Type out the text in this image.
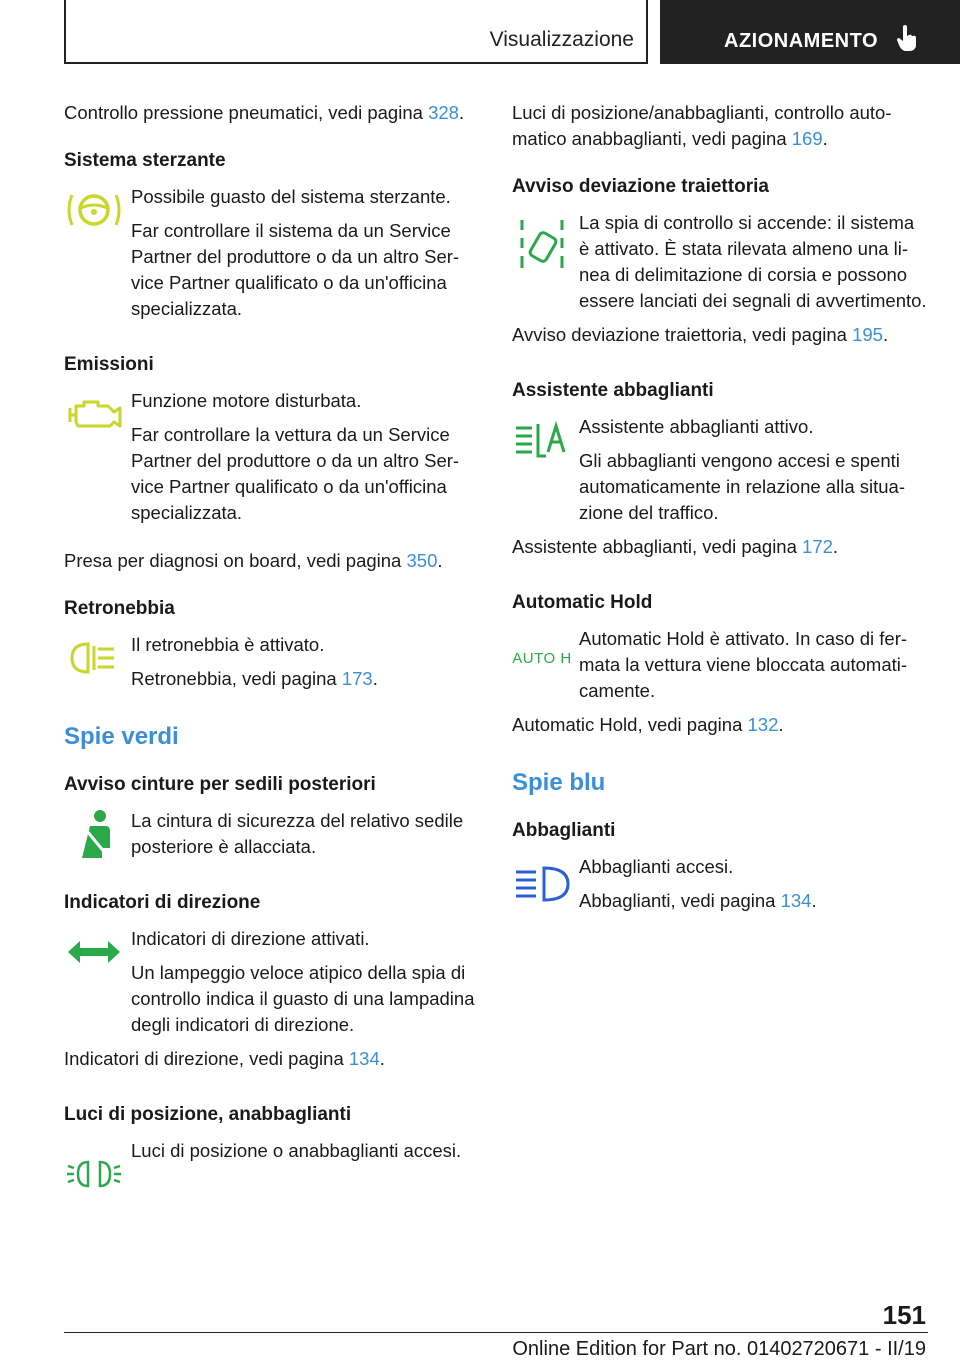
Visualizzazione	AZIONAMENTO

Controllo pressione pneumatici, vedi pagina 328.

Sistema sterzante

Possibile guasto del sistema sterzante.

Far controllare il sistema da un Service Partner del produttore o da un altro Service Partner qualificato o da un'officina specializzata.

Emissioni

Funzione motore disturbata.

Far controllare la vettura da un Service Partner del produttore o da un altro Service Partner qualificato o da un'officina specializzata.

Presa per diagnosi on board, vedi pagina 350.

Retronebbia

Il retronebbia è attivato.

Retronebbia, vedi pagina 173.

Spie verdi
Avviso cinture per sedili posteriori

La cintura di sicurezza del relativo sedile posteriore è allacciata.

Indicatori di direzione

Indicatori di direzione attivati.

Un lampeggio veloce atipico della spia di controllo indica il guasto di una lampadina degli indicatori di direzione.

Indicatori di direzione, vedi pagina 134.

Luci di posizione, anabbaglianti

Luci di posizione o anabbaglianti accesi.

Luci di posizione/anabbaglianti, controllo automatico anabbaglianti, vedi pagina 169.

Avviso deviazione traiettoria

La spia di controllo si accende: il sistema è attivato. È stata rilevata almeno una linea di delimitazione di corsia e possono essere lanciati dei segnali di avvertimento.

Avviso deviazione traiettoria, vedi pagina 195.

Assistente abbaglianti

Assistente abbaglianti attivo.

Gli abbaglianti vengono accesi e spenti automaticamente in relazione alla situazione del traffico.

Assistente abbaglianti, vedi pagina 172.

Automatic Hold
AUTO H

Automatic Hold è attivato. In caso di fermata la vettura viene bloccata automaticamente.

Automatic Hold, vedi pagina 132.

Spie blu
Abbaglianti

Abbaglianti accesi.

Abbaglianti, vedi pagina 134.

151
Online Edition for Part no. 01402720671 - II/19
